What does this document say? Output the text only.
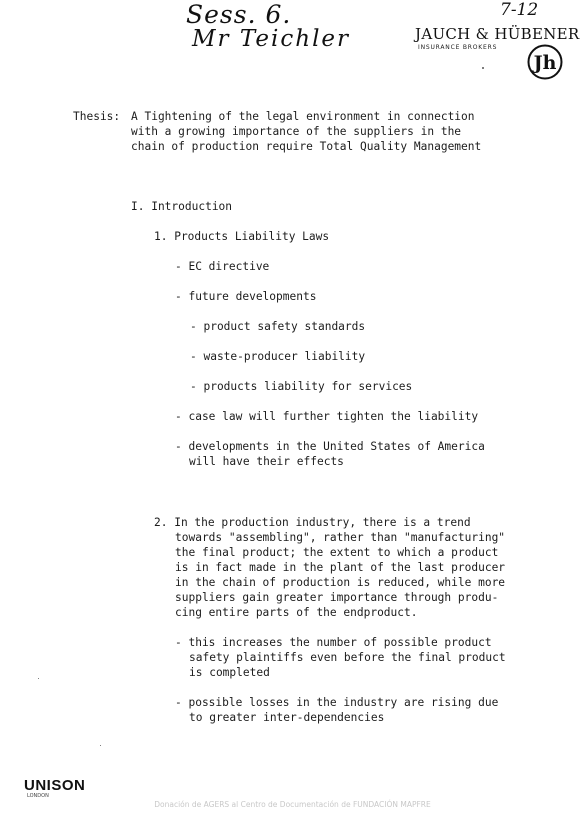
Sess. 6.
Mr Teichler
7-12
JAUCH & HÜBENER
INSURANCE BROKERS
Jh
Thesis: A Tightening of the legal environment in connection
with a growing importance of the suppliers in the
chain of production require Total Quality Management
I. Introduction
1. Products Liability Laws
- EC directive
- future developments
- product safety standards
- waste-producer liability
- products liability for services
- case law will further tighten the liability
- developments in the United States of America
will have their effects
2. In the production industry, there is a trend
towards "assembling", rather than "manufacturing"
the final product; the extent to which a product
is in fact made in the plant of the last producer
in the chain of production is reduced, while more
suppliers gain greater importance through produ-
cing entire parts of the endproduct.
- this increases the number of possible product
safety plaintiffs even before the final product
is completed
- possible losses in the industry are rising due
to greater inter-dependencies
UNISON
LONDON
Donación de AGERS al Centro de Documentación de FUNDACIÓN MAPFRE
